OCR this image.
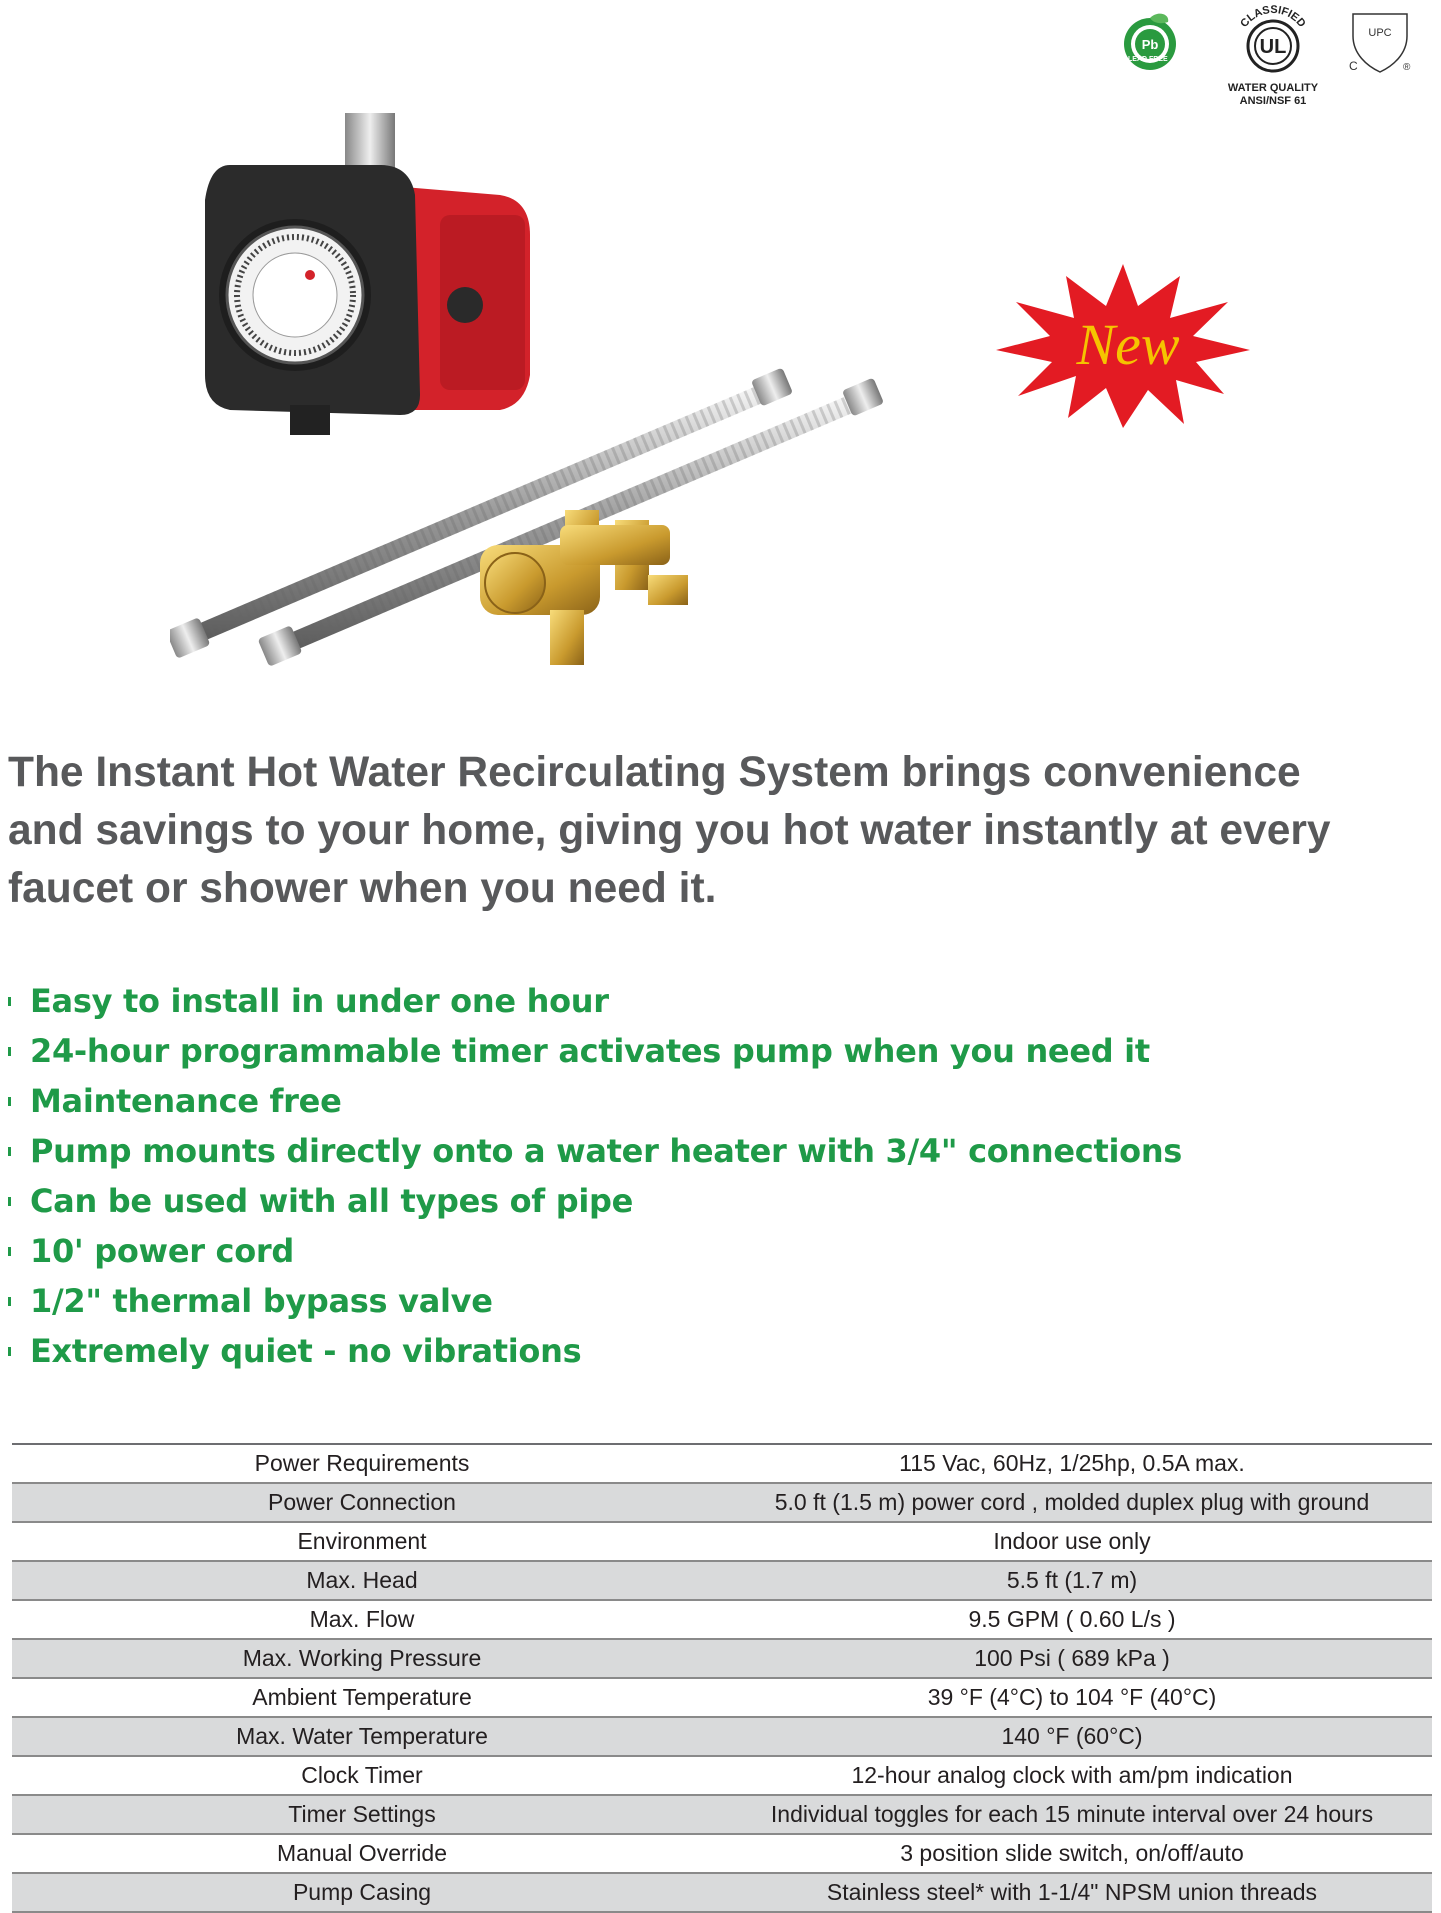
Pb
LEAD FREE
CLASSIFIED
UL
WATER QUALITY
ANSI/NSF 61
C	®
UPC
New
The Instant Hot Water Recirculating System brings convenience
and savings to your home, giving you hot water instantly at every
faucet or shower when you need it.
Easy to install in under one hour
24-hour programmable timer activates pump when you need it
Maintenance free
Pump mounts directly onto a water heater with 3/4" connections
Can be used with all types of pipe
10' power cord
1/2" thermal bypass valve
Extremely quiet - no vibrations
Power Requirements	115 Vac, 60Hz, 1/25hp, 0.5A max.
Power Connection	5.0 ft (1.5 m) power cord , molded duplex plug with ground
Environment	Indoor use only
Max. Head	5.5 ft (1.7 m)
Max. Flow	9.5 GPM ( 0.60 L/s )
Max. Working Pressure	100 Psi ( 689 kPa )
Ambient Temperature	39 °F (4°C) to 104 °F (40°C)
Max. Water Temperature	140 °F (60°C)
Clock Timer	12-hour analog clock with am/pm indication
Timer Settings	Individual toggles for each 15 minute interval over 24 hours
Manual Override	3 position slide switch, on/off/auto
Pump Casing	Stainless steel* with 1-1/4" NPSM union threads
